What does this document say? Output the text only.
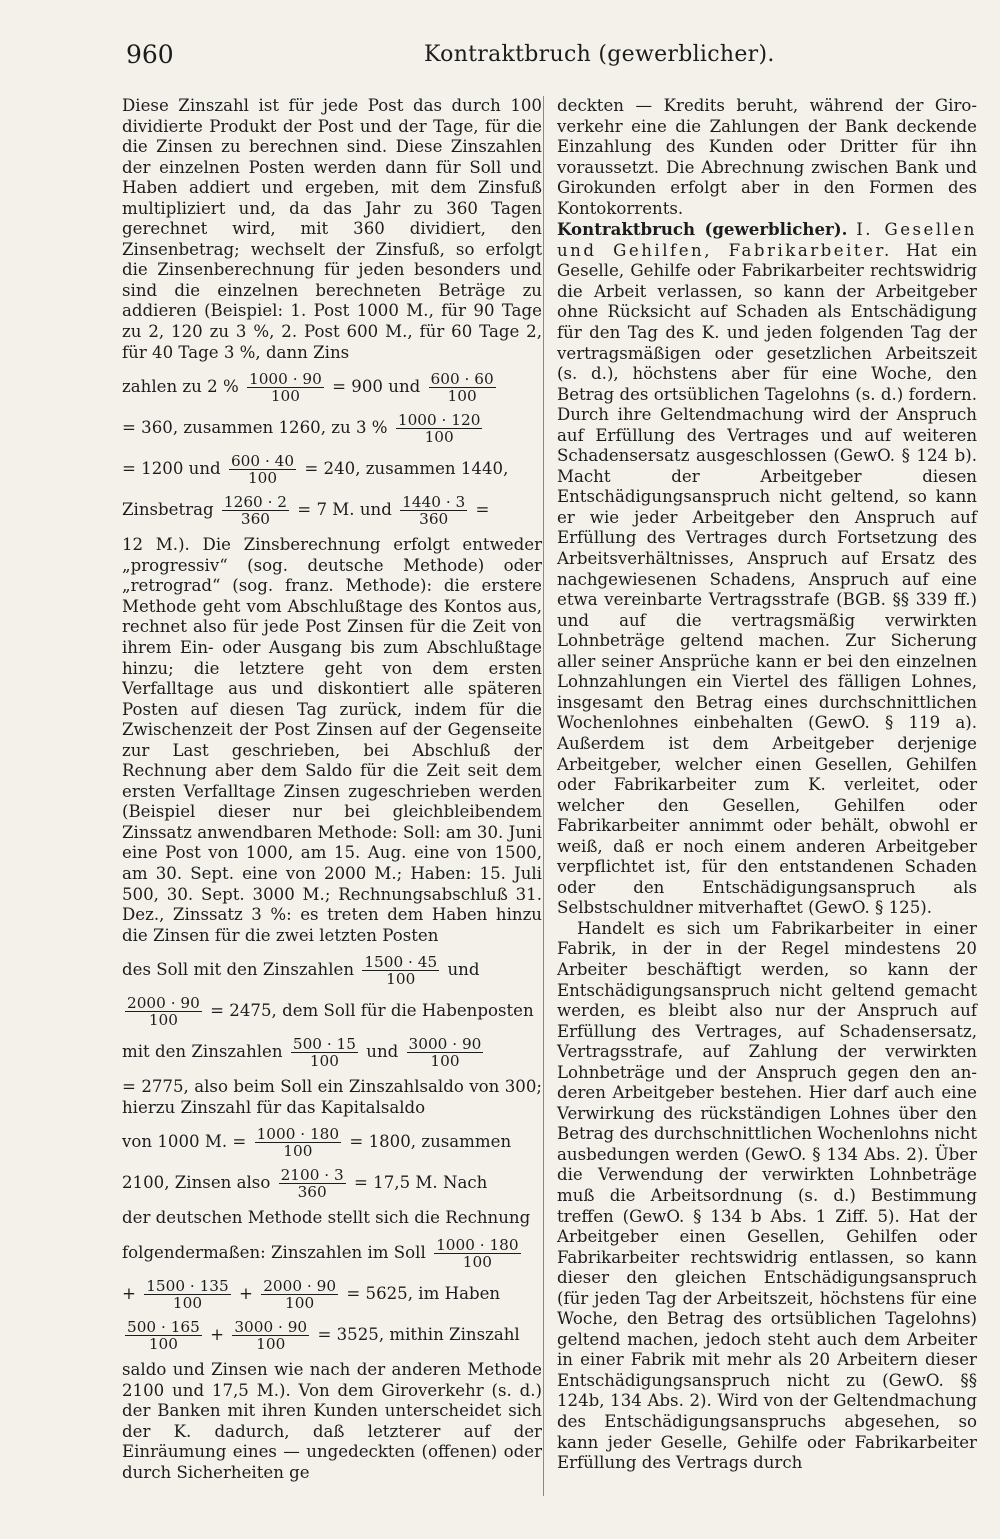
960	Kontraktbruch (gewerblicher).

Diese Zinszahl ist für jede Post das durch 100 dividierte Produkt der Post und der Tage, für die die Zinsen zu berechnen sind. Diese Zinszahlen der einzelnen Posten werden dann für Soll und Haben addiert und ergeben, mit dem Zinsfuß multipliziert und, da das Jahr zu 360 Tagen gerechnet wird, mit 360 dividiert, den Zinsenbetrag; wechselt der Zinsfuß, so erfolgt die Zinsenberechnung für jeden besonders und sind die einzelnen berechneten Beträge zu addieren (Beispiel: 1. Post 1000 M., für 90 Tage zu 2, 120 zu 3 %, 2. Post 600 M., für 60 Tage 2, für 40 Tage 3 %, dann Zins

zahlen zu 2 % $\frac{1000 \cdot 90}{100} = 900$ und $\frac{600 \cdot 60}{100}$
= 360, zusammen 1260, zu 3 % $\frac{1000 \cdot 120}{100}$
= 1200 und $\frac{600 \cdot 40}{100} = 240$, zusammen 1440,
Zinsbetrag $\frac{1260 \cdot 2}{360} = 7$ M. und $\frac{1440 \cdot 3}{360}$ =

12 M.). Die Zinsberechnung erfolgt entweder „progressiv“ (sog. deutsche Methode) oder „retrograd“ (sog. franz. Methode): die erstere Methode geht vom Abschlußtage des Kontos aus, rechnet also für jede Post Zinsen für die Zeit von ihrem Ein- oder Ausgang bis zum Abschlußtage hinzu; die letztere geht von dem ersten Verfalltage aus und diskontiert alle späteren Posten auf diesen Tag zurück, indem für die Zwischenzeit der Post Zinsen auf der Gegenseite zur Last geschrieben, bei Abschluß der Rechnung aber dem Saldo für die Zeit seit dem ersten Verfalltage Zinsen zugeschrieben werden (Beispiel dieser nur bei gleichbleibendem Zinssatz anwendbaren Methode: Soll: am 30. Juni eine Post von 1000, am 15. Aug. eine von 1500, am 30. Sept. eine von 2000 M.; Haben: 15. Juli 500, 30. Sept. 3000 M.; Rechnungsabschluß 31. Dez., Zinssatz 3 %: es treten dem Haben hinzu die Zinsen für die zwei letzten Posten

des Soll mit den Zinszahlen $\frac{1500 \cdot 45}{100}$ und
$\frac{2000 \cdot 90}{100} = 2475$, dem Soll für die Habenposten
mit den Zinszahlen $\frac{500 \cdot 15}{100}$ und $\frac{3000 \cdot 90}{100}$

= 2775, also beim Soll ein Zinszahlsaldo von 300; hierzu Zinszahl für das Kapitalsaldo

von 1000 M. = $\frac{1000 \cdot 180}{100} = 1800$, zusammen
2100, Zinsen also $\frac{2100 \cdot 3}{360} = 17,5$ M. Nach

der deutschen Methode stellt sich die Rechnung

folgendermaßen: Zinszahlen im Soll $\frac{1000 \cdot 180}{100}$
+ $\frac{1500 \cdot 135}{100} + \frac{2000 \cdot 90}{100} = 5625$, im Haben
$\frac{500 \cdot 165}{100} + \frac{3000 \cdot 90}{100} = 3525$, mithin Zinszahl

saldo und Zinsen wie nach der anderen Methode 2100 und 17,5 M.). Von dem Giroverkehr (s. d.) der Banken mit ihren Kunden unterscheidet sich der K. dadurch, daß letzterer auf der Einräumung eines — ungedeckten (offenen) oder durch Sicherheiten ge

deckten — Kredits beruht, während der Giroverkehr eine die Zahlungen der Bank deckende Einzahlung des Kunden oder Dritter für ihn voraussetzt. Die Abrechnung zwischen Bank und Girokunden erfolgt aber in den Formen des Kontokorrents.

Kontraktbruch (gewerblicher). I. Gesellen und Gehilfen, Fabrikarbeiter. Hat ein Geselle, Gehilfe oder Fabrikarbeiter rechtswidrig die Arbeit verlassen, so kann der Arbeitgeber ohne Rücksicht auf Schaden als Entschädigung für den Tag des K. und jeden folgenden Tag der vertragsmäßigen oder gesetzlichen Arbeitszeit (s. d.), höchstens aber für eine Woche, den Betrag des ortsüblichen Tagelohns (s. d.) fordern. Durch ihre Geltendmachung wird der Anspruch auf Erfüllung des Vertrages und auf weiteren Schadensersatz ausgeschlossen (GewO. § 124 b). Macht der Arbeitgeber diesen Entschädigungsanspruch nicht geltend, so kann er wie jeder Arbeitgeber den Anspruch auf Erfüllung des Vertrages durch Fortsetzung des Arbeitsverhältnisses, Anspruch auf Ersatz des nachgewiesenen Schadens, Anspruch auf eine etwa vereinbarte Vertragsstrafe (BGB. §§ 339 ff.) und auf die vertragsmäßig verwirkten Lohnbeträge geltend machen. Zur Sicherung aller seiner Ansprüche kann er bei den einzelnen Lohnzahlungen ein Viertel des fälligen Lohnes, insgesamt den Betrag eines durchschnittlichen Wochenlohnes einbehalten (GewO. § 119 a). Außerdem ist dem Arbeitgeber derjenige Arbeitgeber, welcher einen Gesellen, Gehilfen oder Fabrikarbeiter zum K. verleitet, oder welcher den Gesellen, Gehilfen oder Fabrikarbeiter annimmt oder behält, obwohl er weiß, daß er noch einem anderen Arbeitgeber verpflichtet ist, für den entstandenen Schaden oder den Entschädigungsanspruch als Selbstschuldner mitverhaftet (GewO. § 125).

Handelt es sich um Fabrikarbeiter in einer Fabrik, in der in der Regel mindestens 20 Arbeiter beschäftigt werden, so kann der Entschädigungsanspruch nicht geltend gemacht werden, es bleibt also nur der Anspruch auf Erfüllung des Vertrages, auf Schadensersatz, Vertragsstrafe, auf Zahlung der verwirkten Lohnbeträge und der Anspruch gegen den anderen Arbeitgeber bestehen. Hier darf auch eine Verwirkung des rückständigen Lohnes über den Betrag des durchschnittlichen Wochenlohns nicht ausbedungen werden (GewO. § 134 Abs. 2). Über die Verwendung der verwirkten Lohnbeträge muß die Arbeitsordnung (s. d.) Bestimmung treffen (GewO. § 134 b Abs. 1 Ziff. 5). Hat der Arbeitgeber einen Gesellen, Gehilfen oder Fabrikarbeiter rechtswidrig entlassen, so kann dieser den gleichen Entschädigungsanspruch (für jeden Tag der Arbeitszeit, höchstens für eine Woche, den Betrag des ortsüblichen Tagelohns) geltend machen, jedoch steht auch dem Arbeiter in einer Fabrik mit mehr als 20 Arbeitern dieser Entschädigungsanspruch nicht zu (GewO. §§ 124b, 134 Abs. 2). Wird von der Geltendmachung des Entschädigungsanspruchs abgesehen, so kann jeder Geselle, Gehilfe oder Fabrikarbeiter Erfüllung des Vertrags durch
